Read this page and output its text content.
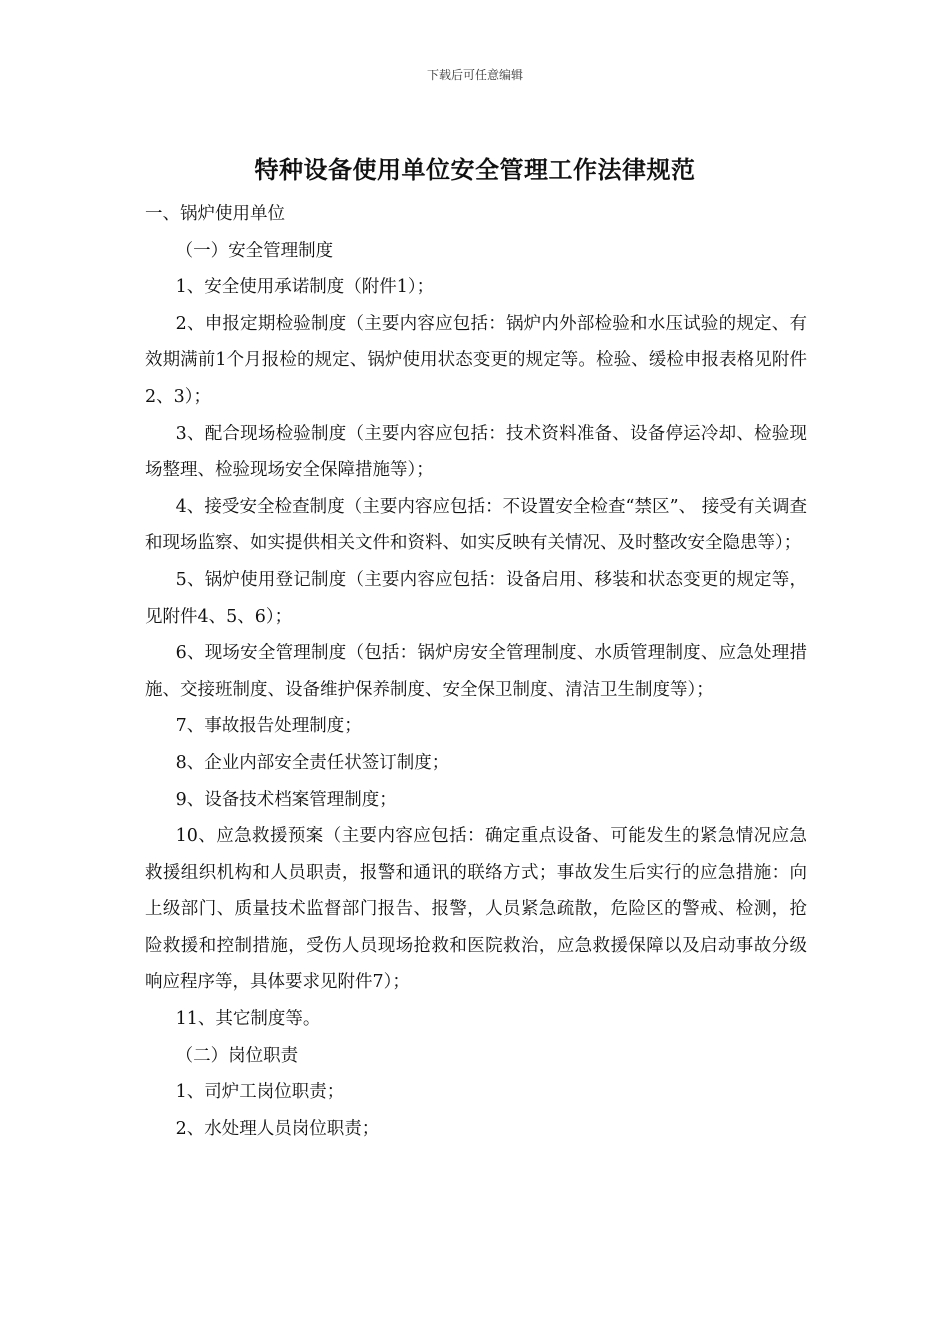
下载后可任意编辑
特种设备使用单位安全管理工作法律规范

一、锅炉使用单位

（一）安全管理制度

1、安全使用承诺制度（附件1）；

2、申报定期检验制度（主要内容应包括：锅炉内外部检验和水压试验的规定、有效期满前1个月报检的规定、锅炉使用状态变更的规定等。检验、缓检申报表格见附件2、3）；

3、配合现场检验制度（主要内容应包括：技术资料准备、设备停运冷却、检验现场整理、检验现场安全保障措施等）；

4、接受安全检查制度（主要内容应包括：不设置安全检查“禁区”、 接受有关调查和现场监察、如实提供相关文件和资料、如实反映有关情况、及时整改安全隐患等）；

5、锅炉使用登记制度（主要内容应包括：设备启用、移装和状态变更的规定等，见附件4、5、6）；

6、现场安全管理制度（包括：锅炉房安全管理制度、水质管理制度、应急处理措施、交接班制度、设备维护保养制度、安全保卫制度、清洁卫生制度等）；

7、事故报告处理制度；

8、企业内部安全责任状签订制度；

9、设备技术档案管理制度；

10、应急救援预案（主要内容应包括：确定重点设备、可能发生的紧急情况应急救援组织机构和人员职责，报警和通讯的联络方式；事故发生后实行的应急措施：向上级部门、质量技术监督部门报告、报警，人员紧急疏散，危险区的警戒、检测，抢险救援和控制措施，受伤人员现场抢救和医院救治，应急救援保障以及启动事故分级响应程序等，具体要求见附件7）；

11、其它制度等。

（二）岗位职责

1、司炉工岗位职责；

2、水处理人员岗位职责；
